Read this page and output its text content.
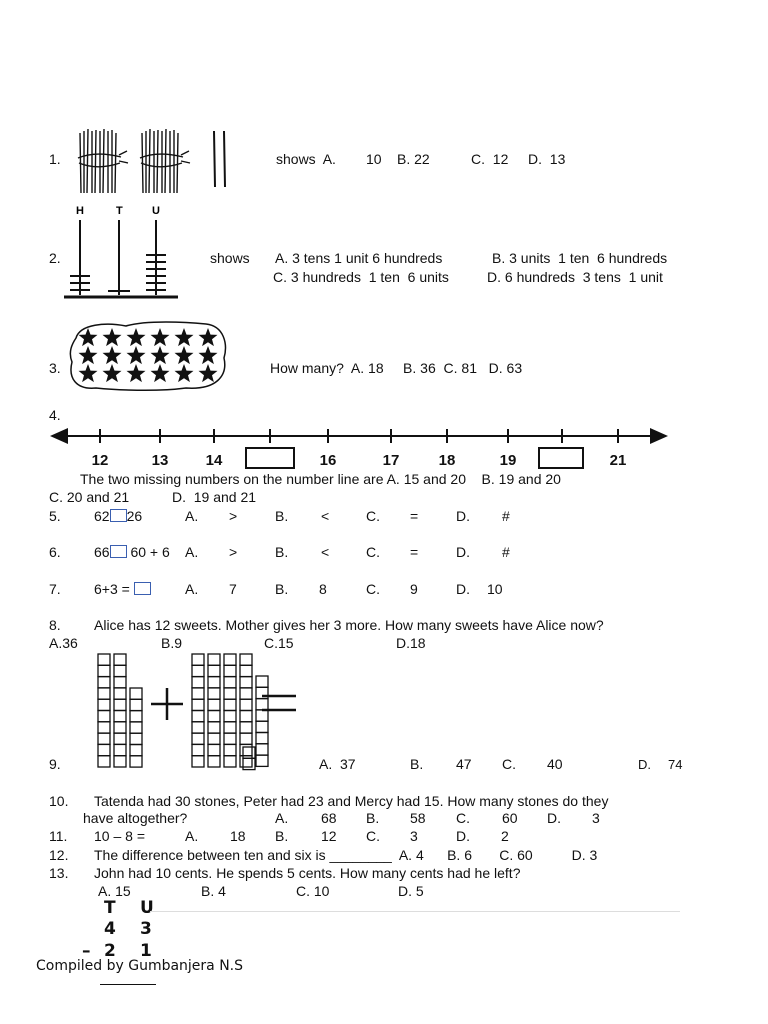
1.	shows  A. 10 B. 22	C.  12 D.  13
2.
H	T	U
shows A. 3 tens 1 unit 6 hundreds	B. 3 units  1 ten  6 hundreds
C. 3 hundreds  1 ten  6 units	D. 6 hundreds  3 tens  1 unit
3.	How many?  A. 18     B. 36  C. 81   D. 63
4.
12	13 14	16	17	18	19	21
The two missing numbers on the number line are A. 15 and 20    B. 19 and 20
C. 20 and 21           D.  19 and 21
5. 62 26	A. >	B. <	C. =	D. #
6. 66 60 + 6 A. >	B. <	C. =	D. #
7. 6+3 =	A. 7	B. 8	C. 9	D. 10
8. Alice has 12 sweets. Mother gives her 3 more. How many sweets have Alice now?
A.36	B.9	C.15	D.18
9.	A.  37	B. 47 C. 40	D. 74
10. Tatenda had 30 stones, Peter had 23 and Mercy had 15. How many stones do they
have altogether?	A. 68 B. 58 C. 60 D. 3
11. 10 – 8 =	A. 18 B. 12 C. 3	D. 2
12. The difference between ten and six is ________  A. 4      B. 6       C. 60          D. 3
13. John had 10 cents. He spends 5 cents. How many cents had he left?
A. 15	B. 4	C. 10	D. 5
T U
4 3
– 2 1
Compiled by Gumbanjera N.S
